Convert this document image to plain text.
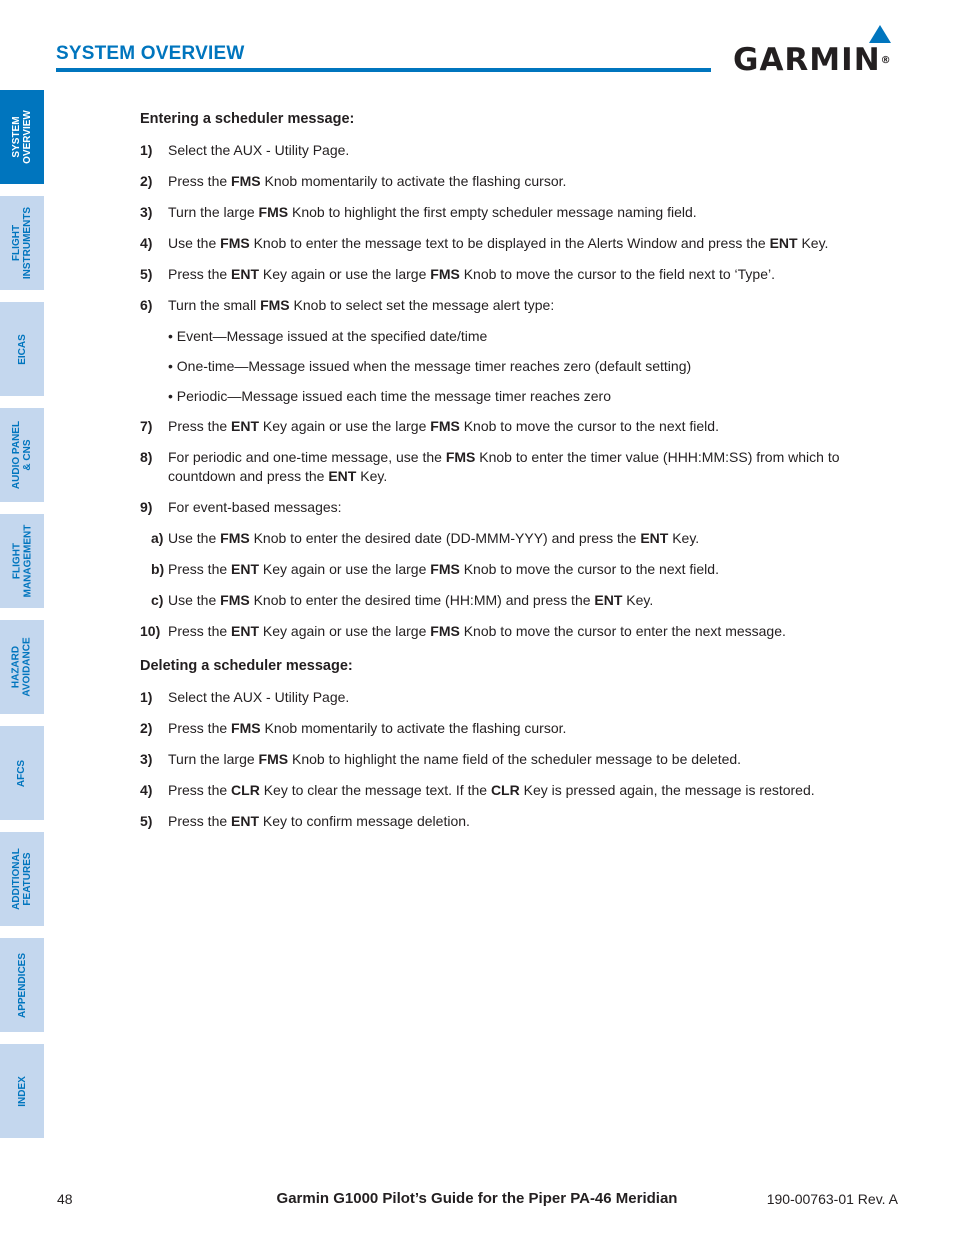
SYSTEM OVERVIEW	GARMIN®
SYSTEM
OVERVIEW
FLIGHT
INSTRUMENTS
EICAS
AUDIO PANEL
& CNS
FLIGHT
MANAGEMENT
HAZARD
AVOIDANCE
AFCS
ADDITIONAL
FEATURES
APPENDICES
INDEX
Entering a scheduler message:
1) Select the AUX - Utility Page.
2) Press the FMS Knob momentarily to activate the flashing cursor.
3) Turn the large FMS Knob to highlight the first empty scheduler message naming field.
4) Use the FMS Knob to enter the message text to be displayed in the Alerts Window and press the ENT Key.
5) Press the ENT Key again or use the large FMS Knob to move the cursor to the field next to ‘Type’.
6) Turn the small FMS Knob to select set the message alert type:
• Event—Message issued at the specified date/time
• One-time—Message issued when the message timer reaches zero (default setting)
• Periodic—Message issued each time the message timer reaches zero
7) Press the ENT Key again or use the large FMS Knob to move the cursor to the next field.
8) For periodic and one-time message, use the FMS Knob to enter the timer value (HHH:MM:SS) from which to countdown and press the ENT Key.
9) For event-based messages:
a) Use the FMS Knob to enter the desired date (DD-MMM-YYY) and press the ENT Key.
b) Press the ENT Key again or use the large FMS Knob to move the cursor to the next field.
c) Use the FMS Knob to enter the desired time (HH:MM) and press the ENT Key.
10) Press the ENT Key again or use the large FMS Knob to move the cursor to enter the next message.
Deleting a scheduler message:
1) Select the AUX - Utility Page.
2) Press the FMS Knob momentarily to activate the flashing cursor.
3) Turn the large FMS Knob to highlight the name field of the scheduler message to be deleted.
4) Press the CLR Key to clear the message text. If the CLR Key is pressed again, the message is restored.
5) Press the ENT Key to confirm message deletion.
48	Garmin G1000 Pilot’s Guide for the Piper PA-46 Meridian	190-00763-01 Rev. A
